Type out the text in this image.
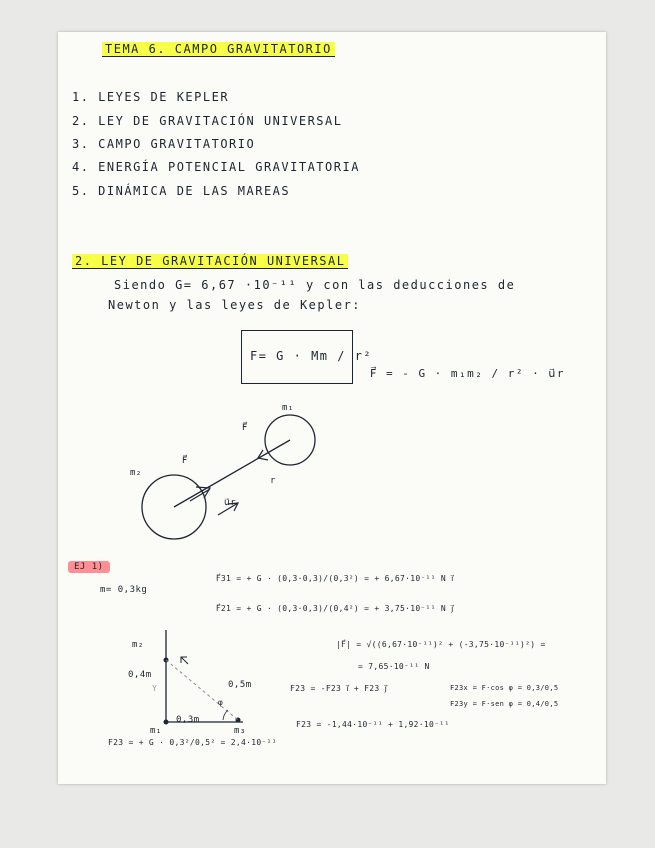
TEMA 6. CAMPO GRAVITATORIO
1. LEYES DE KEPLER
2. LEY DE GRAVITACIÓN UNIVERSAL
3. CAMPO GRAVITATORIO
4. ENERGÍA POTENCIAL GRAVITATORIA
5. DINÁMICA DE LAS MAREAS
2. LEY DE GRAVITACIÓN UNIVERSAL
Siendo G= 6,67 ·10⁻¹¹ y con las deducciones de
Newton y las leyes de Kepler:
F= G · Mm / r²
F⃗ = - G · m₁m₂ / r² · u⃗r
m₁
m₂
F⃗
F⃗
r
u⃗r
EJ 1)
m= 0,3kg
F⃗31 = + G · (0,3·0,3)/(0,3²) = + 6,67·10⁻¹¹ N i⃗
F⃗21 = + G · (0,3·0,3)/(0,4²) = + 3,75·10⁻¹¹ N j⃗
|F⃗| = √((6,67·10⁻¹¹)² + (-3,75·10⁻¹¹)²) =
= 7,65·10⁻¹¹ N
F23 = -F23 i⃗ + F23 j⃗	F23x = F·cos φ = 0,3/0,5
F23y = F·sen φ = 0,4/0,5
F23 = -1,44·10⁻¹¹ + 1,92·10⁻¹¹
F23 = + G · 0,3²/0,5² = 2,4·10⁻¹¹
m₂
0,4m
Y	0,5m
φ
m₁
0,3m
m₃
